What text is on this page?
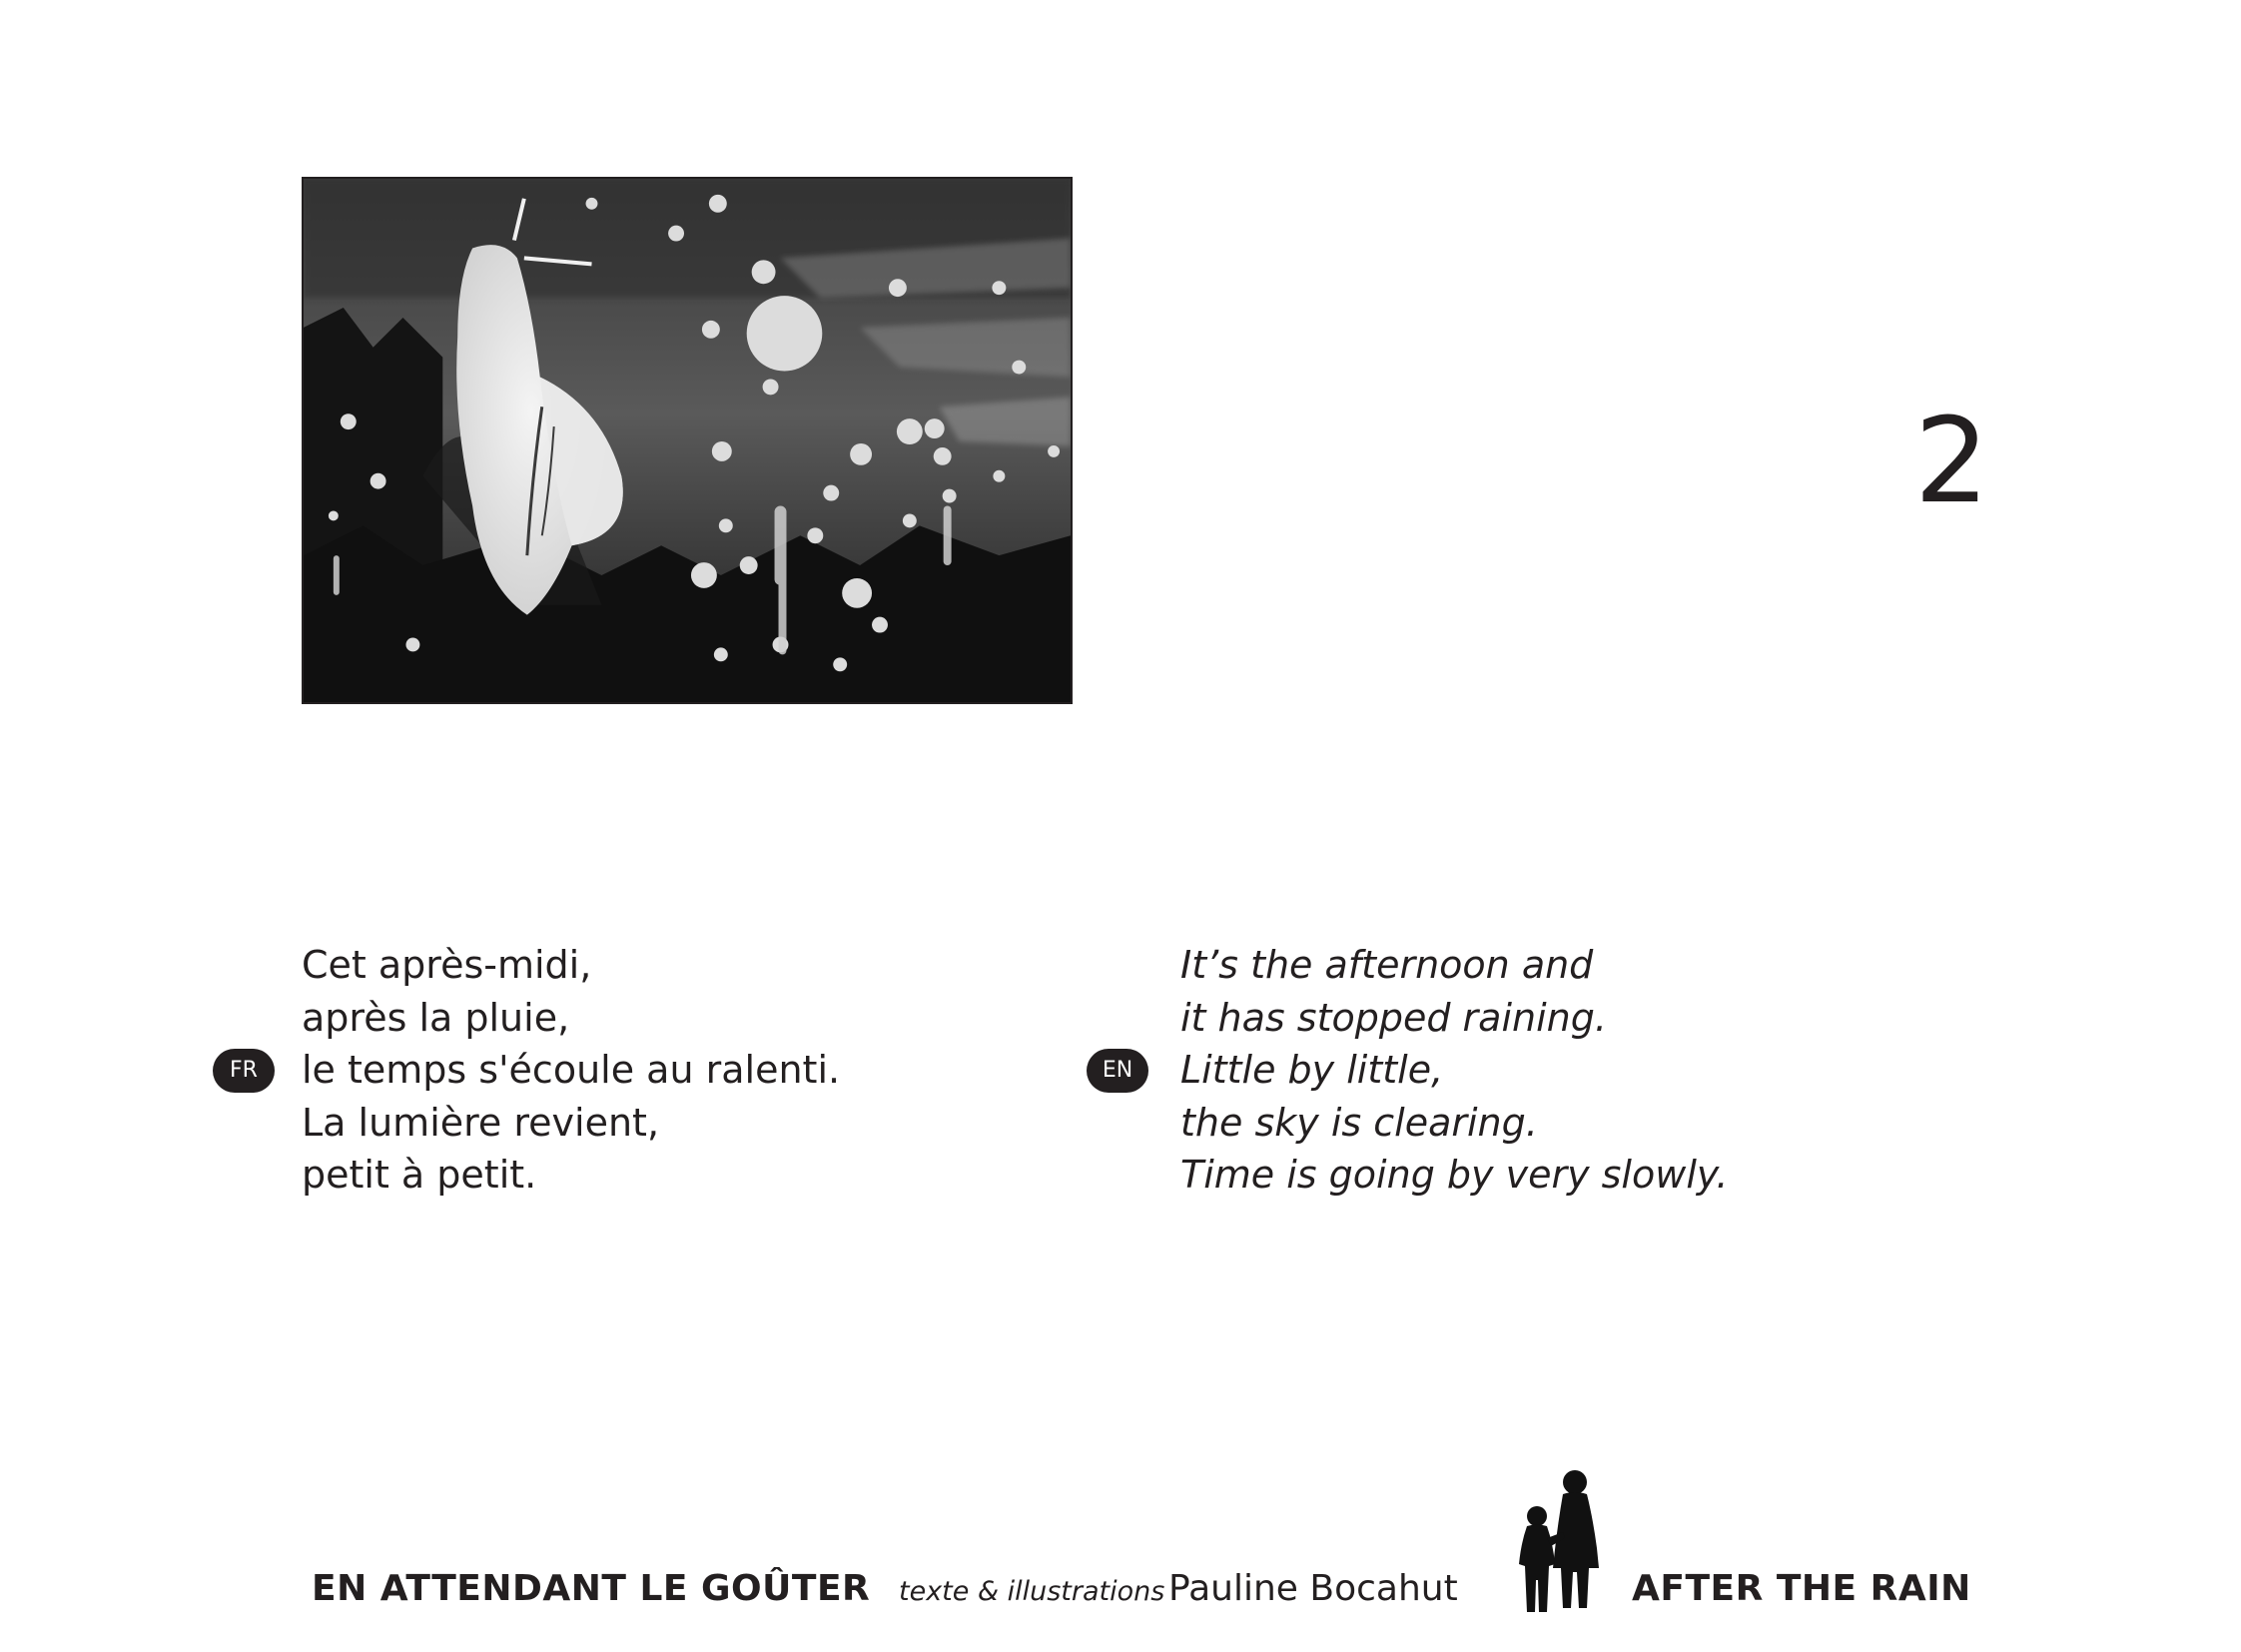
2
Cet après-midi,
après la pluie,
le temps s'écoule au ralenti.
La lumière revient,
petit à petit.
FR
It’s the afternoon and
it has stopped raining.
Little by little,
the sky is clearing.
Time is going by very slowly.
EN
EN ATTENDANT LE GOÛTER texte & illustrations Pauline Bocahut	AFTER THE RAIN
